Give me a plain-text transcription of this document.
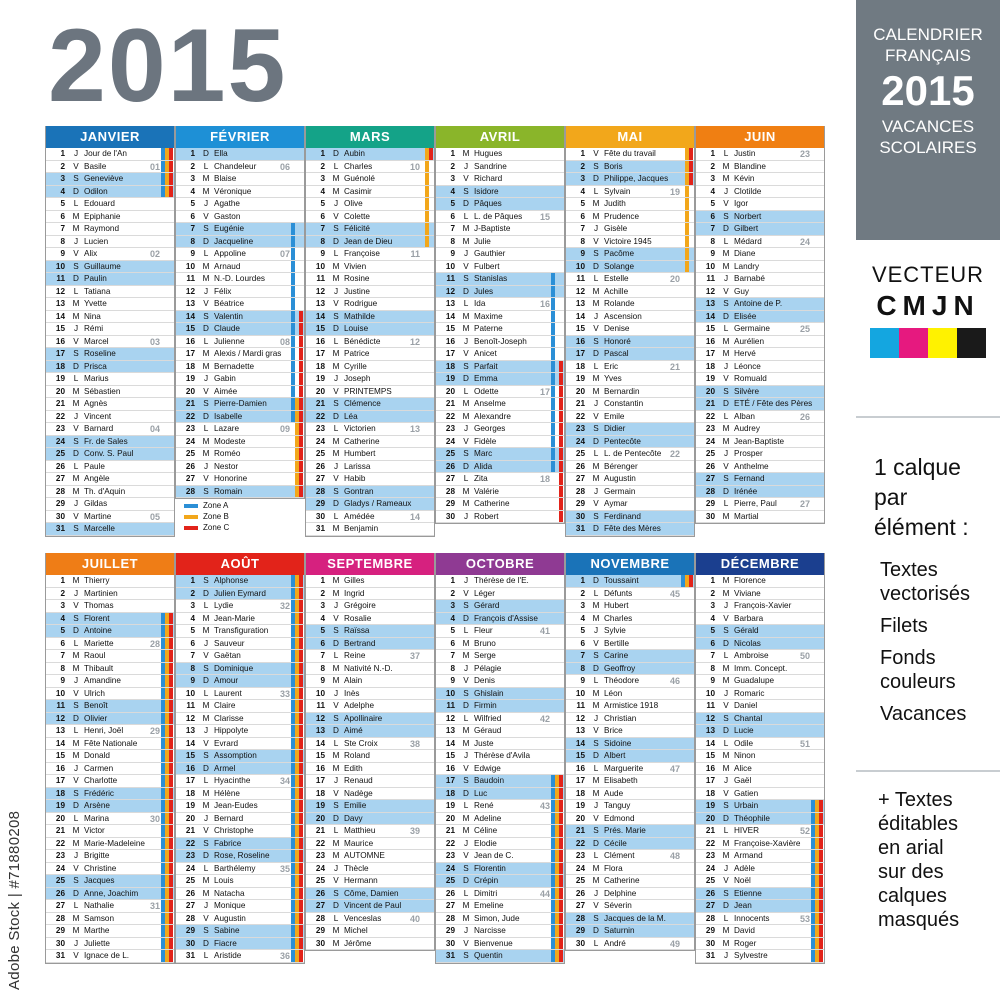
2015
JANVIER
1	J Jour de l'An
2	V Basile	01
3	S Geneviève
4 D Odilon
5	L Edouard
6 M Epiphanie
7 M Raymond
8	J Lucien
9	V Alix	02
10	S Guillaume
11 D Paulin
12	L Tatiana
13 M Yvette
14 M Nina
15	J Rémi
16	V Marcel	03
17	S Roseline
18 D Prisca
19	L Marius
20 M Sébastien
21 M Agnès
22	J Vincent
23	V Barnard	04
24	S Fr. de Sales
25 D Conv. S. Paul
26	L Paule
27 M Angèle
28 M Th. d'Aquin
29	J Gildas
30	V Martine	05
31	S Marcelle
FÉVRIER
1 D Ella
2	L Chandeleur	06
3 M Blaise
4 M Véronique
5	J Agathe
6	V Gaston
7	S Eugénie
8 D Jacqueline
9	L Appoline	07
10 M Arnaud
11 M N.-D. Lourdes
12	J Félix
13	V Béatrice
14	S Valentin
15 D Claude
16	L Julienne	08
17 M Alexis / Mardi gras
18 M Bernadette
19	J Gabin
20	V Aimée
21	S Pierre-Damien
22 D Isabelle
23	L Lazare	09
24 M Modeste
25 M Roméo
26	J Nestor
27	V Honorine
28	S Romain
MARS
1 D Aubin
2	L Charles	10
3 M Guénolé
4 M Casimir
5	J Olive
6	V Colette
7	S Félicité
8 D Jean de Dieu
9	L Françoise	11
10 M Vivien
11 M Rosine
12	J Justine
13	V Rodrigue
14	S Mathilde
15 D Louise
16	L Bénédicte	12
17 M Patrice
18 M Cyrille
19	J Joseph
20	V PRINTEMPS
21	S Clémence
22 D Léa
23	L Victorien	13
24 M Catherine
25 M Humbert
26	J Larissa
27	V Habib
28	S Gontran
29 D Gladys / Rameaux
30	L Amédée	14
31 M Benjamin
AVRIL
1 M Hugues
2	J Sandrine
3	V Richard
4	S Isidore
5 D Pâques
6	L L. de Pâques	15
7 M J-Baptiste
8 M Julie
9	J Gauthier
10	V Fulbert
11	S Stanislas
12 D Jules
13	L Ida	16
14 M Maxime
15 M Paterne
16	J Benoît-Joseph
17	V Anicet
18	S Parfait
19 D Emma
20	L Odette	17
21 M Anselme
22 M Alexandre
23	J Georges
24	V Fidèle
25	S Marc
26 D Alida
27	L Zita	18
28 M Valérie
29 M Catherine
30	J Robert
MAI
1	V Fête du travail
2	S Boris
3 D Philippe, Jacques
4	L Sylvain	19
5 M Judith
6 M Prudence
7	J Gisèle
8	V Victoire 1945
9	S Pacôme
10 D Solange
11	L Estelle	20
12 M Achille
13 M Rolande
14	J Ascension
15	V Denise
16	S Honoré
17 D Pascal
18	L Eric	21
19 M Yves
20 M Bernardin
21	J Constantin
22	V Emile
23	S Didier
24 D Pentecôte
25	L L. de Pentecôte 22
26 M Bérenger
27 M Augustin
28	J Germain
29	V Aymar
30	S Ferdinand
31 D Fête des Mères
JUIN
1	L Justin	23
2 M Blandine
3 M Kévin
4	J Clotilde
5	V Igor
6	S Norbert
7 D Gilbert
8	L Médard	24
9 M Diane
10 M Landry
11	J Barnabé
12	V Guy
13	S Antoine de P.
14 D Elisée
15	L Germaine	25
16 M Aurélien
17 M Hervé
18	J Léonce
19	V Romuald
20	S Silvère
21 D ETÉ / Fête des Pères
22	L Alban	26
23 M Audrey
24 M Jean-Baptiste
25	J Prosper
26	V Anthelme
27	S Fernand
28 D Irénée
29	L Pierre, Paul	27
30 M Martial
JUILLET
1 M Thierry
2	J Martinien
3	V Thomas
4	S Florent
5 D Antoine
6	L Mariette	28
7 M Raoul
8 M Thibault
9	J Amandine
10	V Ulrich
11	S Benoît
12 D Olivier
13	L Henri, Joël	29
14 M Fête Nationale
15 M Donald
16	J Carmen
17	V Charlotte
18	S Frédéric
19 D Arsène
20	L Marina	30
21 M Victor
22 M Marie-Madeleine
23	J Brigitte
24	V Christine
25	S Jacques
26 D Anne, Joachim
27	L Nathalie	31
28 M Samson
29 M Marthe
30	J Juliette
31	V Ignace de L.
AOÛT
1	S Alphonse
2 D Julien Eymard
3	L Lydie	32
4 M Jean-Marie
5 M Transfiguration
6	J Sauveur
7	V Gaëtan
8	S Dominique
9 D Amour
10	L Laurent	33
11 M Claire
12 M Clarisse
13	J Hippolyte
14	V Evrard
15	S Assomption
16 D Armel
17	L Hyacinthe	34
18 M Hélène
19 M Jean-Eudes
20	J Bernard
21	V Christophe
22	S Fabrice
23 D Rose, Roseline
24	L Barthélemy	35
25 M Louis
26 M Natacha
27	J Monique
28	V Augustin
29	S Sabine
30 D Fiacre
31	L Aristide	36
SEPTEMBRE
1 M Gilles
2 M Ingrid
3	J Grégoire
4	V Rosalie
5	S Raïssa
6 D Bertrand
7	L Reine	37
8 M Nativité N.-D.
9 M Alain
10	J Inès
11	V Adelphe
12	S Apollinaire
13 D Aimé
14	L Ste Croix	38
15 M Roland
16 M Edith
17	J Renaud
18	V Nadège
19	S Emilie
20 D Davy
21	L Matthieu	39
22 M Maurice
23 M AUTOMNE
24	J Thècle
25	V Hermann
26	S Côme, Damien
27 D Vincent de Paul
28	L Venceslas	40
29 M Michel
30 M Jérôme
OCTOBRE
1	J Thérèse de l'E.
2	V Léger
3	S Gérard
4 D François d'Assise
5	L Fleur	41
6 M Bruno
7 M Serge
8	J Pélagie
9	V Denis
10	S Ghislain
11 D Firmin
12	L Wilfried	42
13 M Géraud
14 M Juste
15	J Thérèse d'Avila
16	V Edwige
17	S Baudoin
18 D Luc
19	L René	43
20 M Adeline
21 M Céline
22	J Elodie
23	V Jean de C.
24	S Florentin
25 D Crépin
26	L Dimitri	44
27 M Emeline
28 M Simon, Jude
29	J Narcisse
30	V Bienvenue
31	S Quentin
NOVEMBRE
1 D Toussaint
2	L Défunts	45
3 M Hubert
4 M Charles
5	J Sylvie
6	V Bertille
7	S Carine
8 D Geoffroy
9	L Théodore	46
10 M Léon
11 M Armistice 1918
12	J Christian
13	V Brice
14	S Sidoine
15 D Albert
16	L Marguerite	47
17 M Elisabeth
18 M Aude
19	J Tanguy
20	V Edmond
21	S Prés. Marie
22 D Cécile
23	L Clément	48
24 M Flora
25 M Catherine
26	J Delphine
27	V Séverin
28	S Jacques de la M.
29 D Saturnin
30	L André	49
DÉCEMBRE
1 M Florence
2 M Viviane
3	J François-Xavier
4	V Barbara
5	S Gérald
6 D Nicolas
7	L Ambroise	50
8 M Imm. Concept.
9 M Guadalupe
10	J Romaric
11	V Daniel
12	S Chantal
13 D Lucie
14	L Odile	51
15 M Ninon
16 M Alice
17	J Gaël
18	V Gatien
19	S Urbain
20 D Théophile
21	L HIVER	52
22 M Françoise-Xavière
23 M Armand
24	J Adèle
25	V Noël
26	S Etienne
27 D Jean
28	L Innocents	53
29 M David
30 M Roger
31	J Sylvestre
Zone A
Zone B
Zone C
CALENDRIER
FRANÇAIS
2015
VACANCES
SCOLAIRES
VECTEUR
CMJN
1 calque
par
élément :
Textes vectorisés
Filets
Fonds couleurs
Vacances
+ Textes
éditables
en arial
sur des
calques
masqués
Adobe Stock | #71880208
